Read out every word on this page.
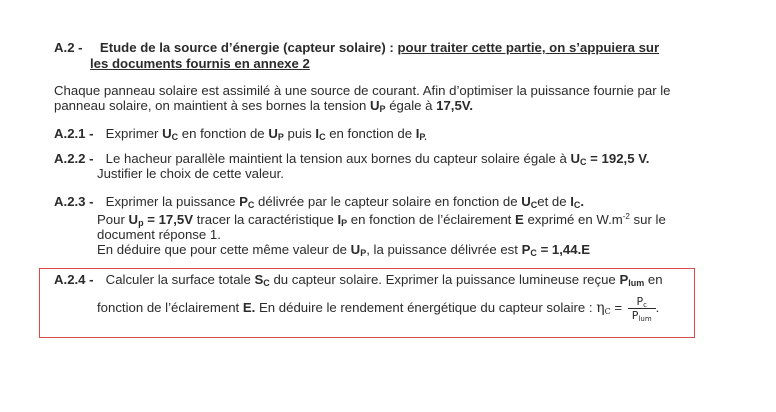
A.2 - Etude de la source d’énergie (capteur solaire) : pour traiter cette partie, on s’appuiera sur
les documents fournis en annexe 2
Chaque panneau solaire est assimilé à une source de courant. Afin d’optimiser la puissance fournie par le
panneau solaire, on maintient à ses bornes la tension $U_P$ égale à 17,5V.
A.2.1 - Exprimer $U_C$ en fonction de $U_P$ puis $I_C$ en fonction de $I_{P.}$
A.2.2 - Le hacheur parallèle maintient la tension aux bornes du capteur solaire égale à $U_C = 192,5$ V.
Justifier le choix de cette valeur.
A.2.3 - Exprimer la puissance $P_C$ délivrée par le capteur solaire en fonction de $U_Cet$ de $I_C$.
Pour $U_p = 17,5V$ tracer la caractéristique $I_P$ en fonction de l’éclairement E exprimé en $W.m^{-2}$ sur le
document réponse 1.
En déduire que pour cette même valeur de $U_P$, la puissance délivrée est $P_C = 1,44.E$
A.2.4 - Calculer la surface totale $S_C$ du capteur solaire. Exprimer la puissance lumineuse reçue $P_{lum}$ en
fonction de l’éclairement E. En déduire le rendement énergétique du capteur solaire : $\eta_C = \frac{P_c}{P_{lum}}$ .
